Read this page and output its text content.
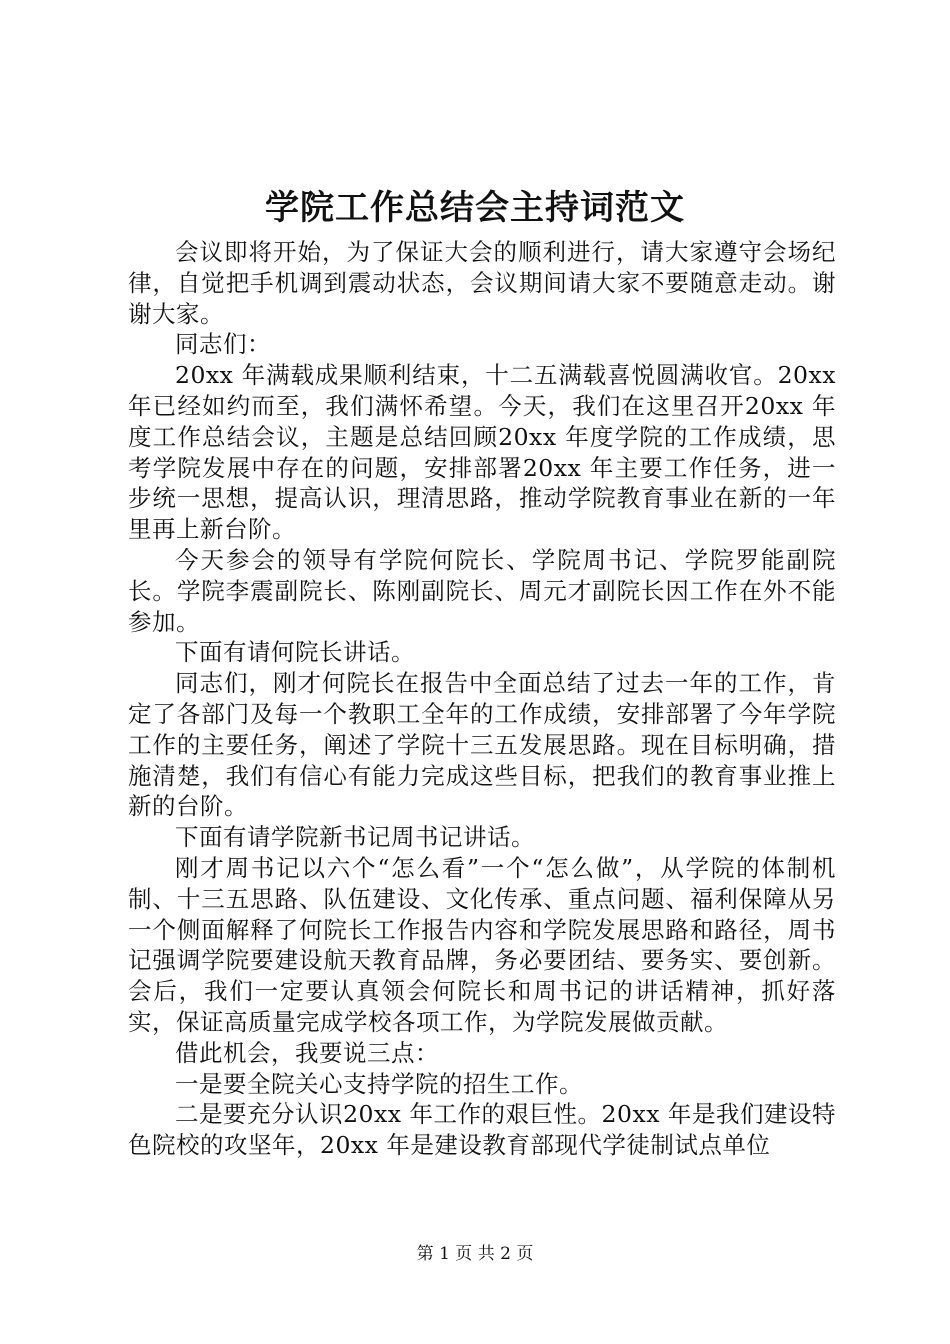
学院工作总结会主持词范文

会议即将开始，为了保证大会的顺利进行，请大家遵守会场纪律，自觉把手机调到震动状态，会议期间请大家不要随意走动。谢谢大家。

同志们：

20xx 年满载成果顺利结束，十二五满载喜悦圆满收官。20xx 年已经如约而至，我们满怀希望。今天，我们在这里召开20xx 年度工作总结会议，主题是总结回顾20xx 年度学院的工作成绩，思考学院发展中存在的问题，安排部署20xx 年主要工作任务，进一步统一思想，提高认识，理清思路，推动学院教育事业在新的一年里再上新台阶。

今天参会的领导有学院何院长、学院周书记、学院罗能副院长。学院李震副院长、陈刚副院长、周元才副院长因工作在外不能参加。

下面有请何院长讲话。

同志们，刚才何院长在报告中全面总结了过去一年的工作，肯定了各部门及每一个教职工全年的工作成绩，安排部署了今年学院工作的主要任务，阐述了学院十三五发展思路。现在目标明确，措施清楚，我们有信心有能力完成这些目标，把我们的教育事业推上新的台阶。

下面有请学院新书记周书记讲话。

刚才周书记以六个“怎么看”一个“怎么做”，从学院的体制机制、十三五思路、队伍建设、文化传承、重点问题、福利保障从另一个侧面解释了何院长工作报告内容和学院发展思路和路径，周书记强调学院要建设航天教育品牌，务必要团结、要务实、要创新。会后，我们一定要认真领会何院长和周书记的讲话精神，抓好落实，保证高质量完成学校各项工作，为学院发展做贡献。

借此机会，我要说三点：

一是要全院关心支持学院的招生工作。

二是要充分认识20xx 年工作的艰巨性。20xx 年是我们建设特色院校的攻坚年，20xx 年是建设教育部现代学徒制试点单位

第 1 页 共 2 页
